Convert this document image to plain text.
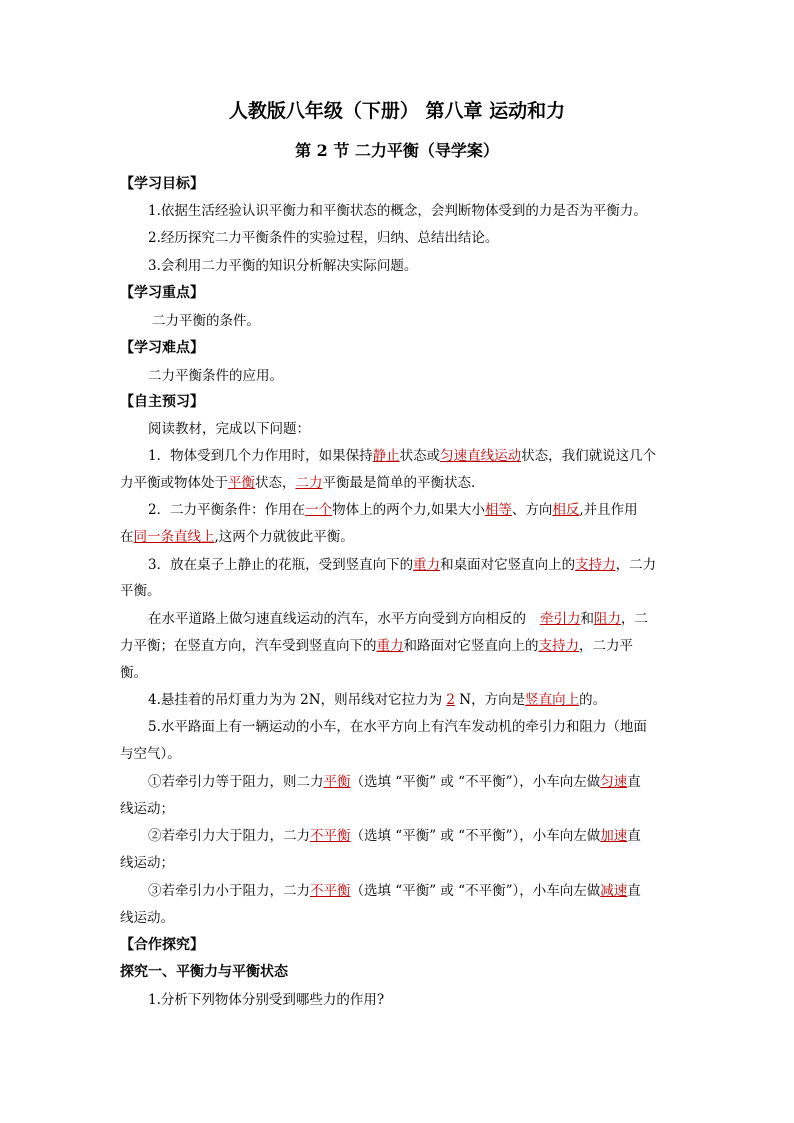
人教版八年级（下册） 第八章 运动和力
第 2 节 二力平衡（导学案）
【学习目标】
1.依据生活经验认识平衡力和平衡状态的概念，会判断物体受到的力是否为平衡力。
2.经历探究二力平衡条件的实验过程，归纳、总结出结论。
3.会利用二力平衡的知识分析解决实际问题。
【学习重点】
二力平衡的条件。
【学习难点】
二力平衡条件的应用。
【自主预习】
阅读教材，完成以下问题：
1．物体受到几个力作用时，如果保持静止状态或匀速直线运动状态，我们就说这几个
力平衡或物体处于平衡状态，二力平衡最是简单的平衡状态.
2．二力平衡条件：作用在一个物体上的两个力,如果大小相等、方向相反,并且作用
在同一条直线上,这两个力就彼此平衡。
3．放在桌子上静止的花瓶，受到竖直向下的重力和桌面对它竖直向上的支持力，二力
平衡。
在水平道路上做匀速直线运动的汽车，水平方向受到方向相反的 牵引力和阻力，二
力平衡；在竖直方向，汽车受到竖直向下的重力和路面对它竖直向上的支持力，二力平
衡。
4.悬挂着的吊灯重力为为 2N，则吊线对它拉力为 2 N，方向是竖直向上的。
5.水平路面上有一辆运动的小车，在水平方向上有汽车发动机的牵引力和阻力（地面
与空气）。
①若牵引力等于阻力，则二力平衡（选填 “平衡” 或 “不平衡”），小车向左做匀速直
线运动；
②若牵引力大于阻力，二力不平衡（选填 “平衡” 或 “不平衡”），小车向左做加速直
线运动；
③若牵引力小于阻力，二力不平衡（选填 “平衡” 或 “不平衡”），小车向左做减速直
线运动。
【合作探究】
探究一、平衡力与平衡状态
1.分析下列物体分别受到哪些力的作用?
